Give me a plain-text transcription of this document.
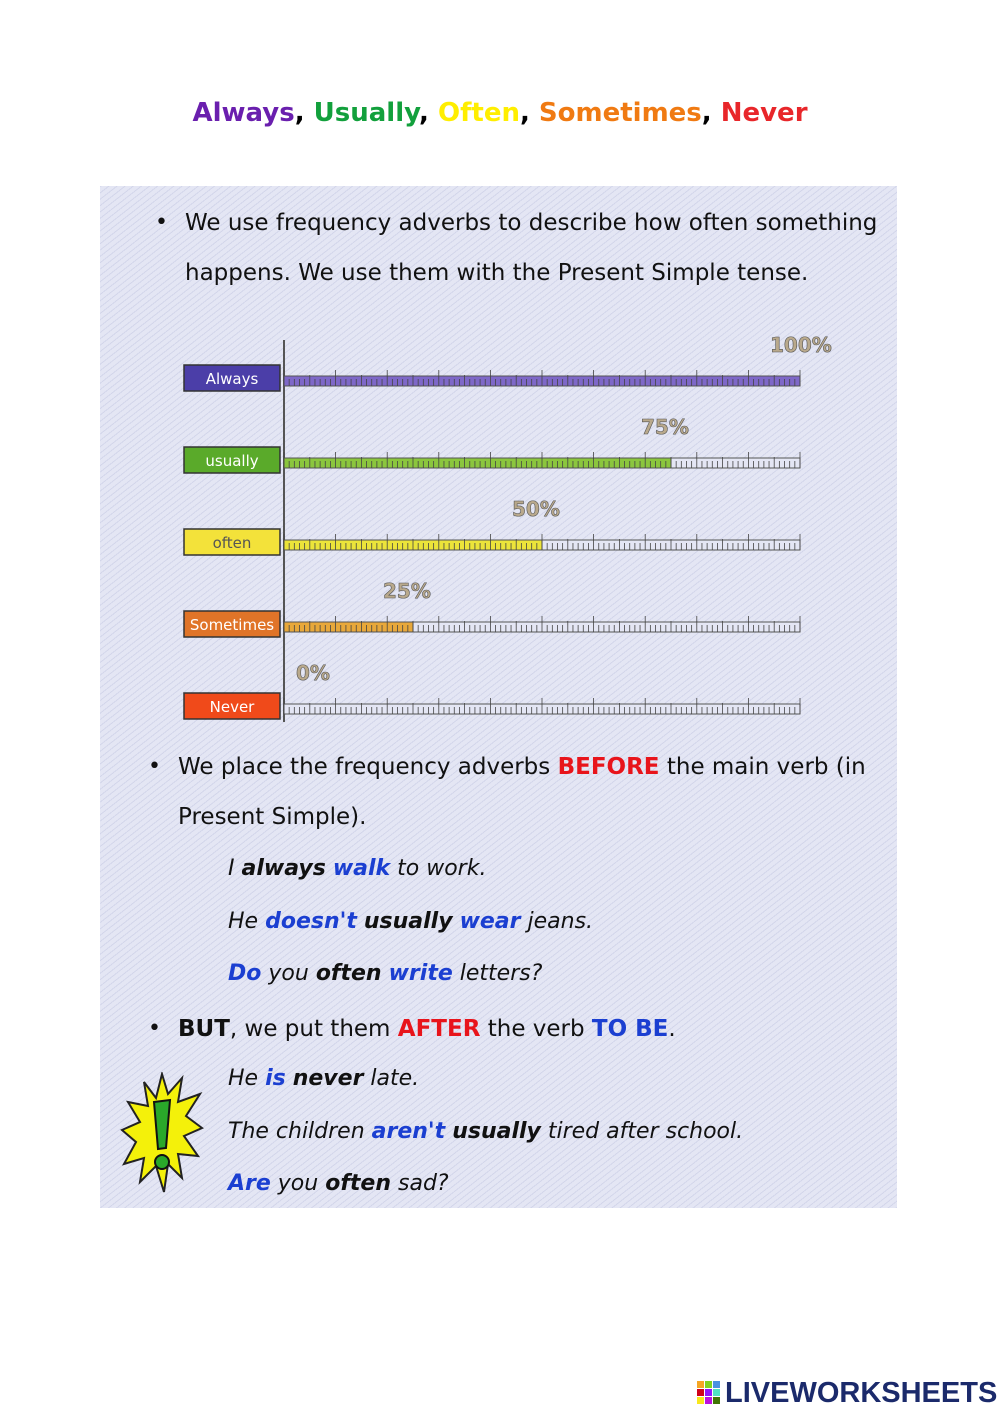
Always, Usually, Often, Sometimes, Never
• We use frequency adverbs to describe how often something
happens. We use them with the Present Simple tense.
Always
100%
usually
75%
often
50%
Sometimes
25%
Never
0%
• We place the frequency adverbs BEFORE the main verb (in
Present Simple).
I always walk to work.
He doesn't usually wear jeans.
Do you often write letters?
• BUT, we put them AFTER the verb TO BE.
He is never late.
The children aren't usually tired after school.
Are you often sad?
LIVEWORKSHEETS
